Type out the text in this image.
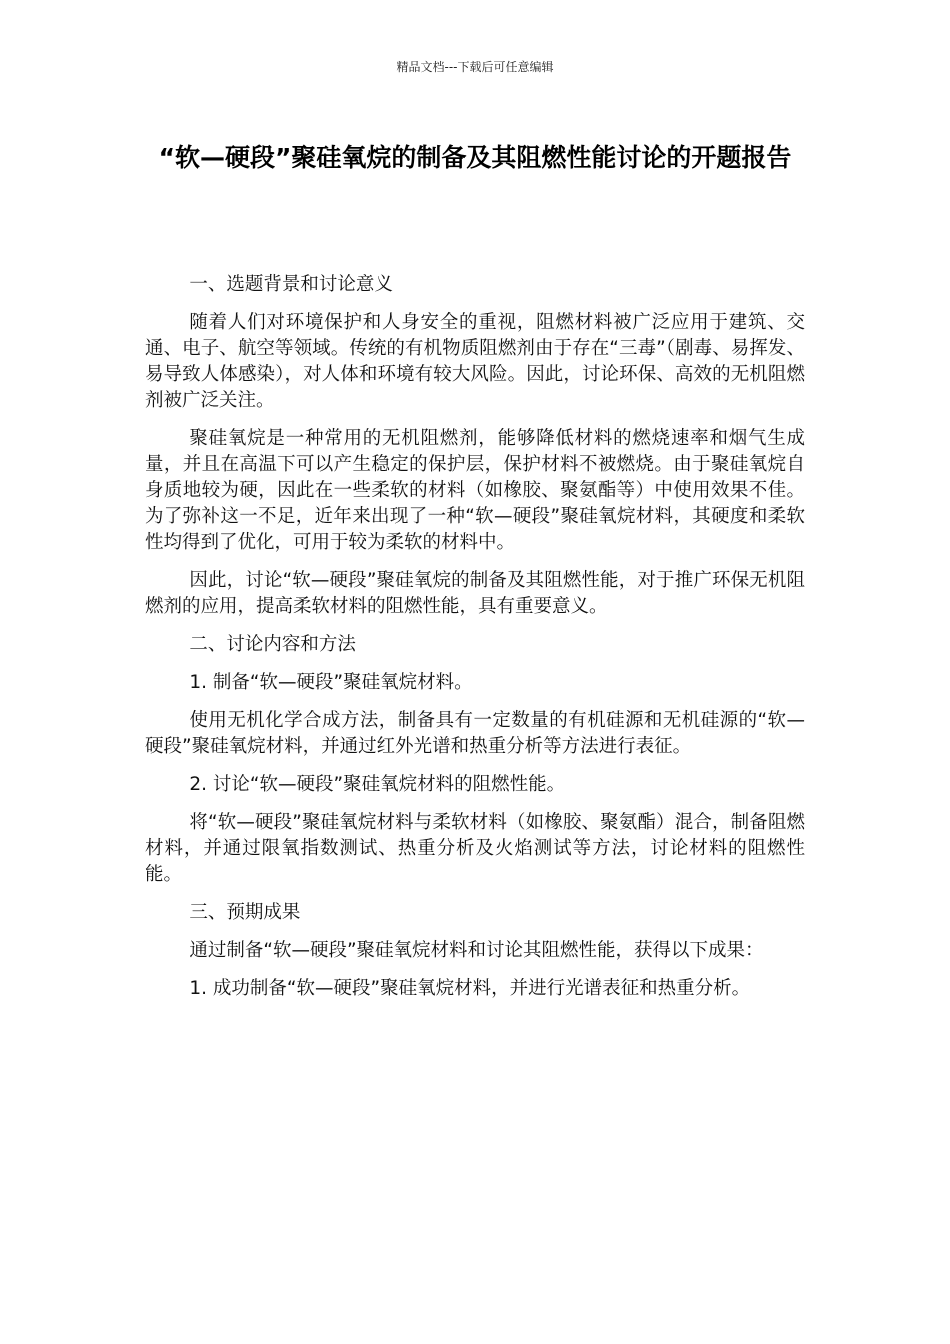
精品文档---下载后可任意编辑
“软—硬段”聚硅氧烷的制备及其阻燃性能讨论的开题报告

一、选题背景和讨论意义

随着人们对环境保护和人身安全的重视，阻燃材料被广泛应用于建筑、交通、电子、航空等领域。传统的有机物质阻燃剂由于存在“三毒”（剧毒、易挥发、易导致人体感染），对人体和环境有较大风险。因此，讨论环保、高效的无机阻燃剂被广泛关注。

聚硅氧烷是一种常用的无机阻燃剂，能够降低材料的燃烧速率和烟气生成量，并且在高温下可以产生稳定的保护层，保护材料不被燃烧。由于聚硅氧烷自身质地较为硬，因此在一些柔软的材料（如橡胶、聚氨酯等）中使用效果不佳。为了弥补这一不足，近年来出现了一种“软—硬段”聚硅氧烷材料，其硬度和柔软性均得到了优化，可用于较为柔软的材料中。

因此，讨论“软—硬段”聚硅氧烷的制备及其阻燃性能，对于推广环保无机阻燃剂的应用，提高柔软材料的阻燃性能，具有重要意义。

二、讨论内容和方法

1. 制备“软—硬段”聚硅氧烷材料。

使用无机化学合成方法，制备具有一定数量的有机硅源和无机硅源的“软—硬段”聚硅氧烷材料，并通过红外光谱和热重分析等方法进行表征。

2. 讨论“软—硬段”聚硅氧烷材料的阻燃性能。

将“软—硬段”聚硅氧烷材料与柔软材料（如橡胶、聚氨酯）混合，制备阻燃材料，并通过限氧指数测试、热重分析及火焰测试等方法，讨论材料的阻燃性能。

三、预期成果

通过制备“软—硬段”聚硅氧烷材料和讨论其阻燃性能，获得以下成果：

1. 成功制备“软—硬段”聚硅氧烷材料，并进行光谱表征和热重分析。
